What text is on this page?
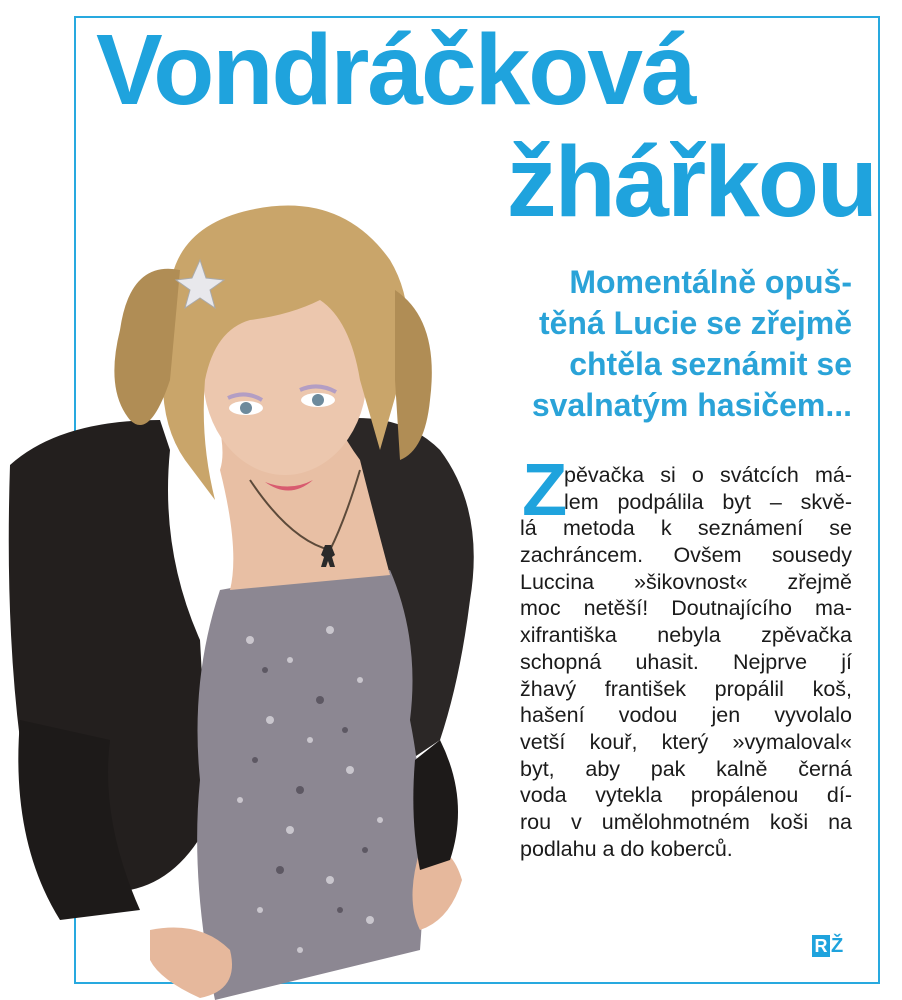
Vondráčková
žhářkou

Momentálně opuš-
těná Lucie se zřejmě
chtěla seznámit se
svalnatým hasičem...

Z

pěvačka si o svátcích má-
lem podpálila byt – skvě-
lá metoda k seznámení se
zachráncem. Ovšem sousedy
Luccina »šikovnost« zřejmě
moc netěší! Doutnajícího ma-
xifrantiška nebyla zpěvačka
schopná uhasit. Nejprve jí
žhavý františek propálil koš,
hašení vodou jen vyvolalo
vetší kouř, který »vymaloval«
byt, aby pak kalně černá
voda vytekla propálenou dí-
rou v umělohmotném koši na
podlahu a do koberců.

R Ž
